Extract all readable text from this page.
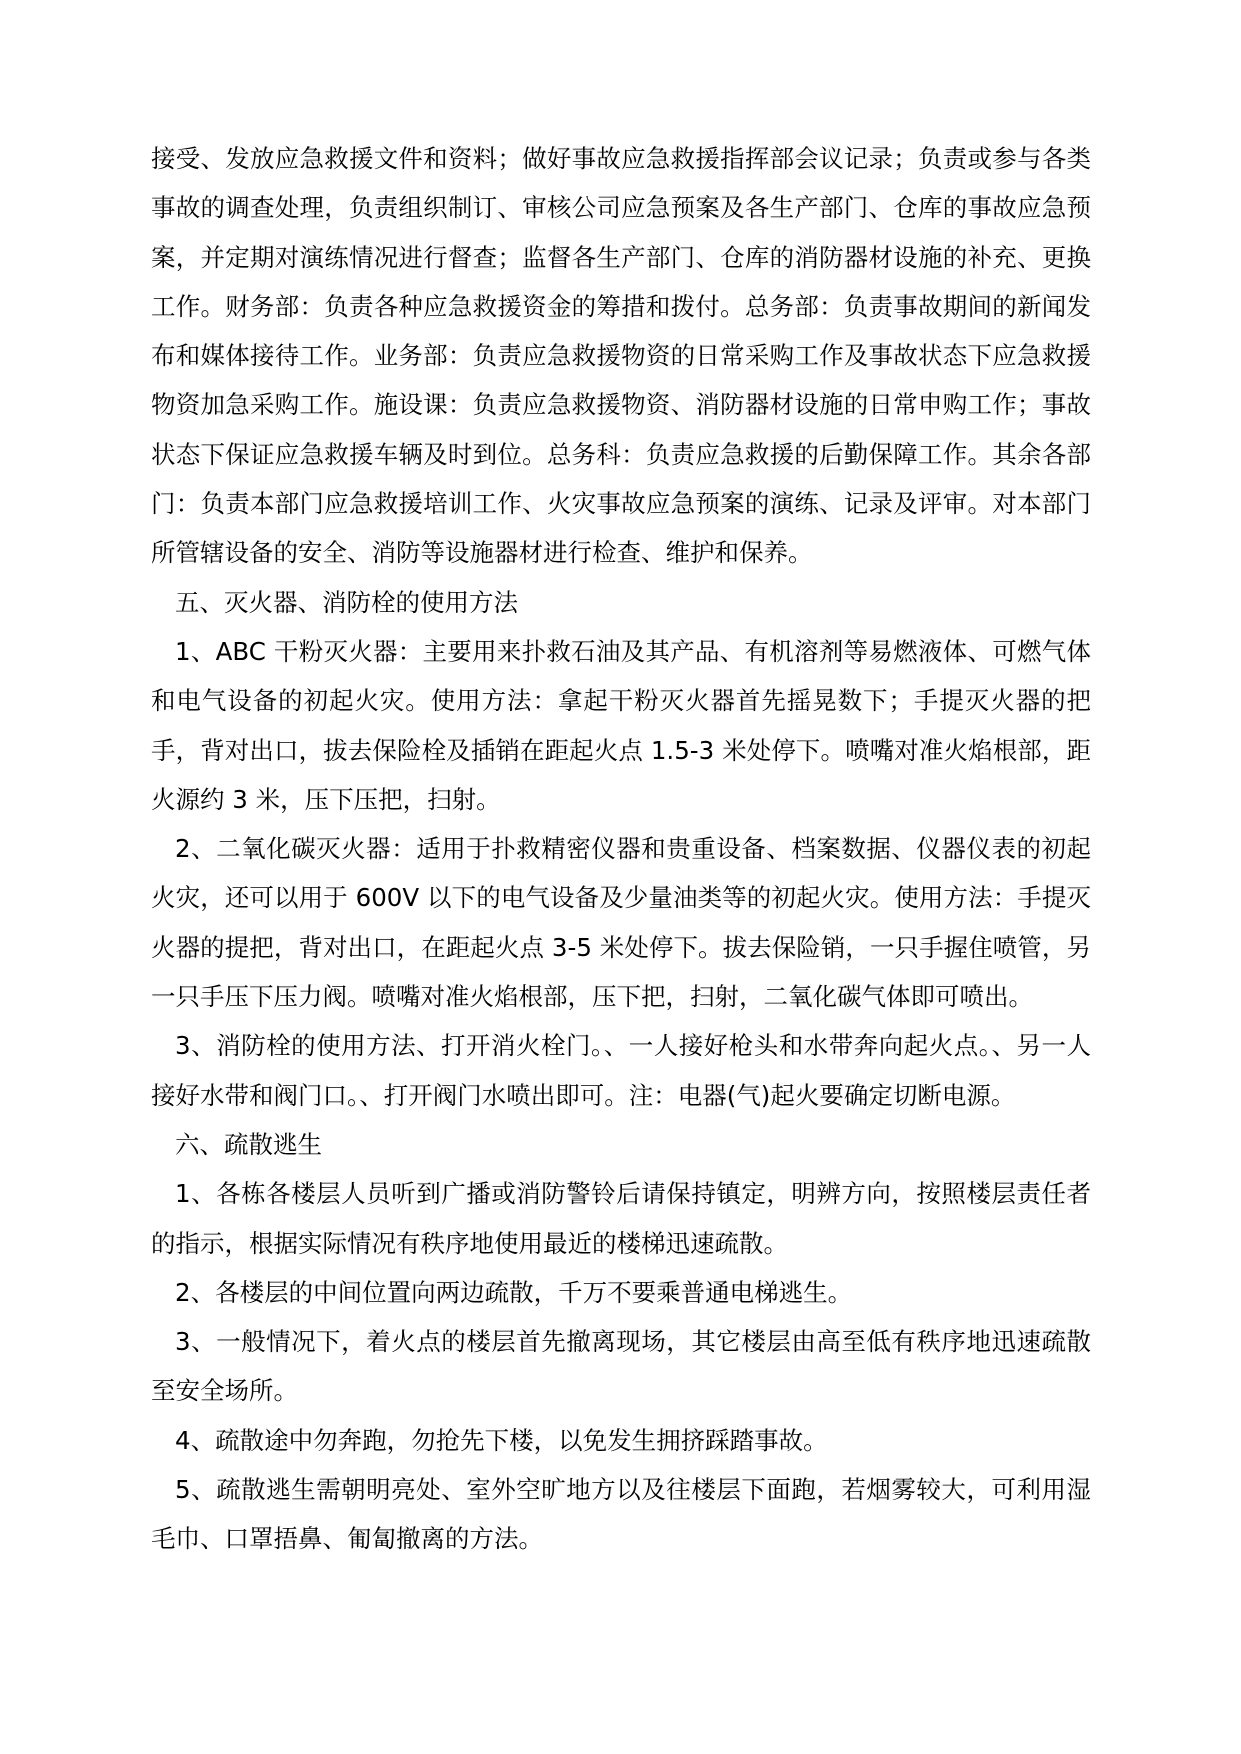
接受、发放应急救援文件和资料；做好事故应急救援指挥部会议记录；负责或参与各类事故的调查处理，负责组织制订、审核公司应急预案及各生产部门、仓库的事故应急预案，并定期对演练情况进行督查；监督各生产部门、仓库的消防器材设施的补充、更换工作。财务部：负责各种应急救援资金的筹措和拨付。总务部：负责事故期间的新闻发布和媒体接待工作。业务部：负责应急救援物资的日常采购工作及事故状态下应急救援物资加急采购工作。施设课：负责应急救援物资、消防器材设施的日常申购工作；事故状态下保证应急救援车辆及时到位。总务科：负责应急救援的后勤保障工作。其余各部门：负责本部门应急救援培训工作、火灾事故应急预案的演练、记录及评审。对本部门所管辖设备的安全、消防等设施器材进行检查、维护和保养。

五、灭火器、消防栓的使用方法

1、ABC 干粉灭火器：主要用来扑救石油及其产品、有机溶剂等易燃液体、可燃气体和电气设备的初起火灾。使用方法：拿起干粉灭火器首先摇晃数下；手提灭火器的把手，背对出口，拔去保险栓及插销在距起火点 1.5-3 米处停下。喷嘴对准火焰根部，距火源约 3 米，压下压把，扫射。

2、二氧化碳灭火器：适用于扑救精密仪器和贵重设备、档案数据、仪器仪表的初起火灾，还可以用于 600V 以下的电气设备及少量油类等的初起火灾。使用方法：手提灭火器的提把，背对出口，在距起火点 3-5 米处停下。拔去保险销，一只手握住喷管，另一只手压下压力阀。喷嘴对准火焰根部，压下把，扫射，二氧化碳气体即可喷出。

3、消防栓的使用方法、打开消火栓门。、一人接好枪头和水带奔向起火点。、另一人接好水带和阀门口。、打开阀门水喷出即可。注：电器(气)起火要确定切断电源。

六、疏散逃生

1、各栋各楼层人员听到广播或消防警铃后请保持镇定，明辨方向，按照楼层责任者的指示，根据实际情况有秩序地使用最近的楼梯迅速疏散。

2、各楼层的中间位置向两边疏散，千万不要乘普通电梯逃生。

3、一般情况下，着火点的楼层首先撤离现场，其它楼层由高至低有秩序地迅速疏散至安全场所。

4、疏散途中勿奔跑，勿抢先下楼，以免发生拥挤踩踏事故。

5、疏散逃生需朝明亮处、室外空旷地方以及往楼层下面跑，若烟雾较大，可利用湿毛巾、口罩捂鼻、匍匐撤离的方法。
